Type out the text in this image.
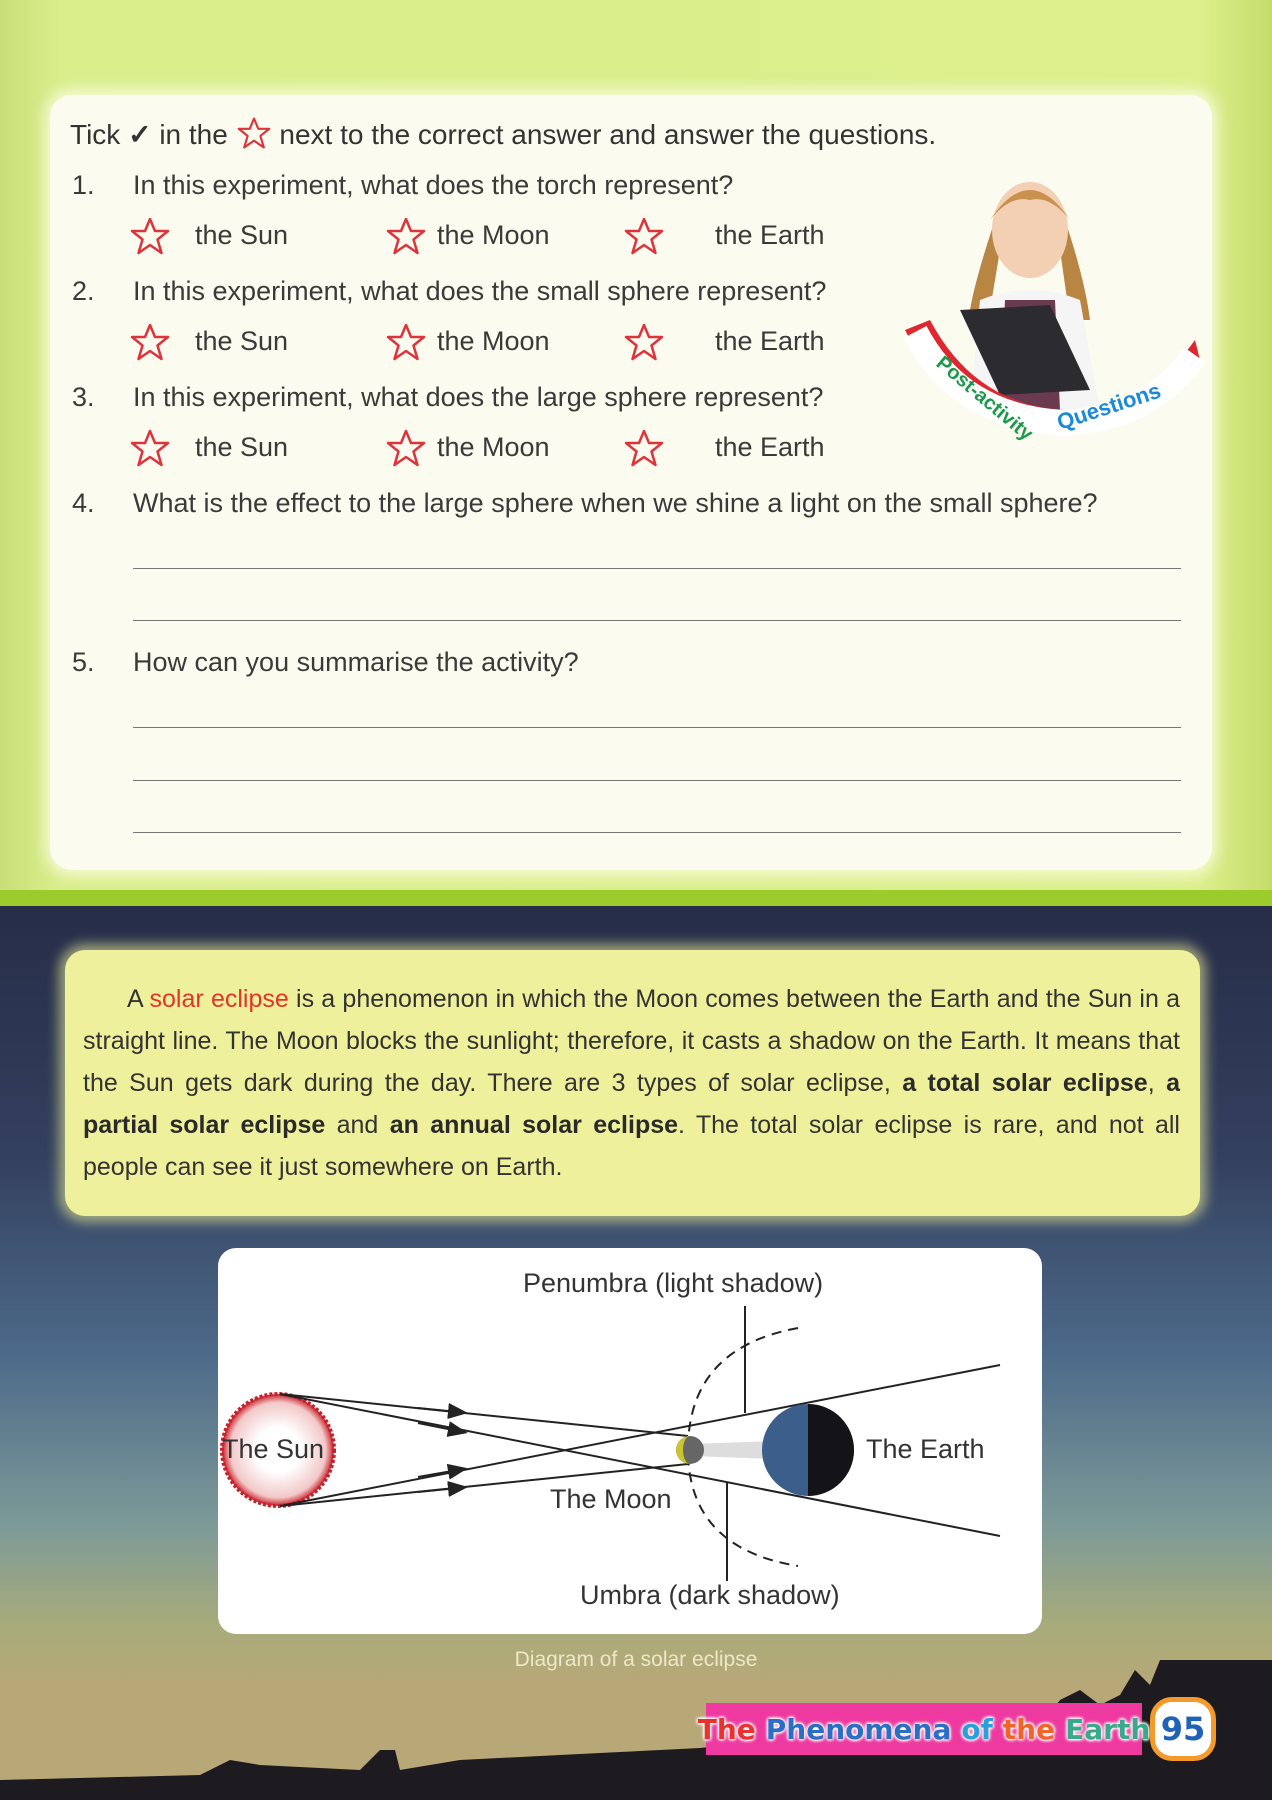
Tick ✓ in the next to the correct answer and answer the questions.
1. In this experiment, what does the torch represent?
2. In this experiment, what does the small sphere represent?
3. In this experiment, what does the large sphere represent?
4. What is the effect to the large sphere when we shine a light on the small sphere?
5. How can you summarise the activity?
the Sun	the Moon	the Earth
the Sun	the Moon	the Earth
the Sun	the Moon	the Earth
Post-activity Questions
A solar eclipse is a phenomenon in which the Moon comes between the Earth and the Sun in a straight line. The Moon blocks the sunlight; therefore, it casts a shadow on the Earth. It means that the Sun gets dark during the day. There are 3 types of solar eclipse, a total solar eclipse, a partial solar eclipse and an annual solar eclipse. The total solar eclipse is rare, and not all people can see it just somewhere on Earth.
Penumbra (light shadow)
The Sun	The Earth
The Moon
Umbra (dark shadow)
Diagram of a solar eclipse
The Phenomena of the Earth 95
